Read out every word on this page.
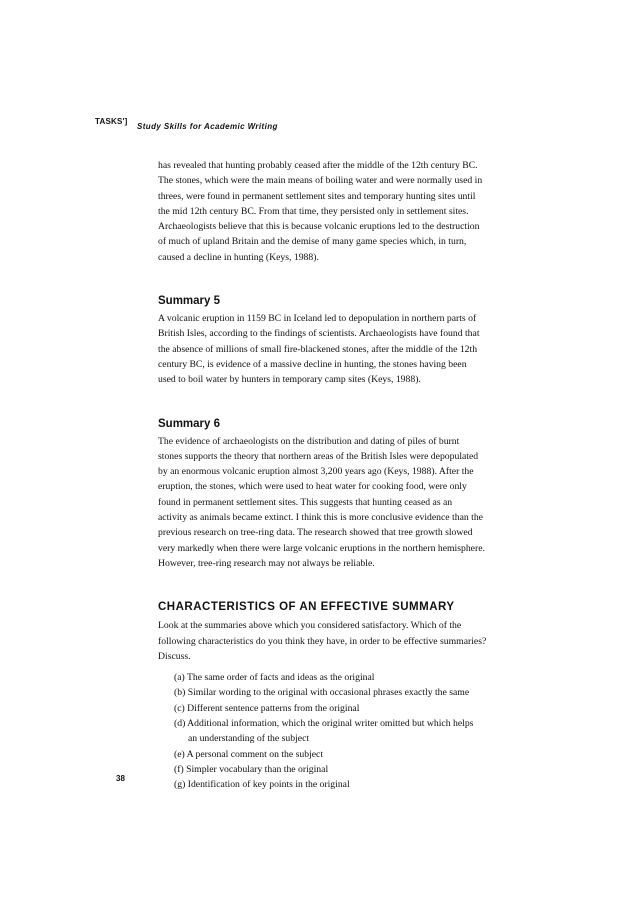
TASKS']
Study Skills for Academic Writing

has revealed that hunting probably ceased after the middle of the 12th century BC.
The stones, which were the main means of boiling water and were normally used in
threes, were found in permanent settlement sites and temporary hunting sites until
the mid 12th century BC. From that time, they persisted only in settlement sites.
Archaeologists believe that this is because volcanic eruptions led to the destruction
of much of upland Britain and the demise of many game species which, in turn,
caused a decline in hunting (Keys, 1988).

Summary 5

A volcanic eruption in 1159 BC in Iceland led to depopulation in northern parts of
British Isles, according to the findings of scientists. Archaeologists have found that
the absence of millions of small fire-blackened stones, after the middle of the 12th
century BC, is evidence of a massive decline in hunting, the stones having been
used to boil water by hunters in temporary camp sites (Keys, 1988).

Summary 6

The evidence of archaeologists on the distribution and dating of piles of burnt
stones supports the theory that northern areas of the British Isles were depopulated
by an enormous volcanic eruption almost 3,200 years ago (Keys, 1988). After the
eruption, the stones, which were used to heat water for cooking food, were only
found in permanent settlement sites. This suggests that hunting ceased as an
activity as animals became extinct. I think this is more conclusive evidence than the
previous research on tree-ring data. The research showed that tree growth slowed
very markedly when there were large volcanic eruptions in the northern hemisphere.
However, tree-ring research may not always be reliable.

CHARACTERISTICS OF AN EFFECTIVE SUMMARY

Look at the summaries above which you considered satisfactory. Which of the
following characteristics do you think they have, in order to be effective summaries?
Discuss.

(a) The same order of facts and ideas as the original
(b) Similar wording to the original with occasional phrases exactly the same
(c) Different sentence patterns from the original
(d) Additional information, which the original writer omitted but which helps
an understanding of the subject
(e) A personal comment on the subject
(f) Simpler vocabulary than the original
(g) Identification of key points in the original
38
